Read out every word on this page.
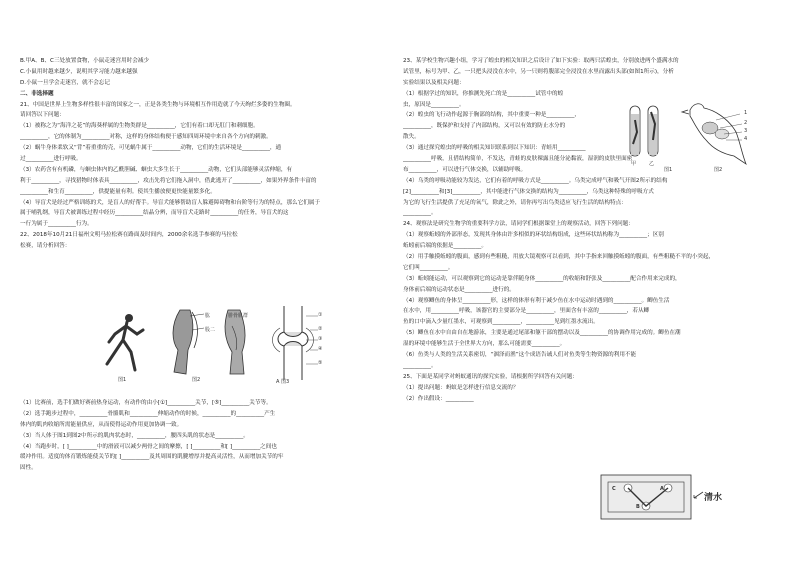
B.甲A、B、C三处放置食物，小鼠走迷宫用时会减少
C.小鼠用时越来越少，说明其学习能力越来越强
D.小鼠一旦学会走迷宫，就不会忘记
二、非选择题
21、中国是世界上生物多样性很丰富的国家之一，正是各类生物与环境相互作用造就了今天绚烂多姿的生物圈。
请回答以下问题：
（1）被称之为“海洋之花”的海葵样属的生物类群是__________，它们有着口却无肛门和刺细胞。
__________，它的体制为__________对称，这样的身体结构便于感知四周环境中来自各个方向的刺激。
（2）蜗牛身体柔软又“背”着重重的壳，可见蜗牛属于__________动物，它们的生活环境是__________，通
过__________进行呼吸。
（3）农药含有有机磷，与蛔虫体内的乙酰胆碱、蛔虫大多生长于__________动物，它们头部能够灵活伸缩，有
利于__________，寻找猎物时体表具__________，攻击先将它们拖入洞中，借此逃开了__________，如果外界条件丰富的
__________和生育__________，供提能量有利。使其生播放便更快能量繁多化。
（4）导盲犬是经过严格训练的犬，是盲人的好帮手。导盲犬能够帮助盲人躲避障碍物和台阶等行为的特点，那么它们属于
属于哺乳纲，导盲犬被训练过程中经历__________结晶分辨，而导盲犬走路时__________的任务，导盲犬的这
一行为属于__________行为。
22、2018年10月21日福州文明马拉松赛在路面及时间内，2000余名选手参赛的马拉松
松赛，请分析回答：
图1
肱
股二
图2
腓骨肌群	①
②
③
④
⑤
A 图3
（1）比赛前，选手们做好赛前热身运动，有动作的由小[①]__________关节，[⑤]__________关节等。
（2）选手跑步过程中，__________骨骼肌和__________伸缩动作的时候，__________的__________产生
体内的肌肉收缩所需能量供应，从而使得运动作用更加协调一致。
（3）当人体于图1到图2中所示的肌肉状态时，__________，腰四头肌的状态是__________。
（4）当跑步时，[ ]__________中的滑液可以减少两骨之间的摩擦，[ ]__________和[ ]__________之间也
缓冲作用。适度的体育锻炼能使关节的[ ]__________及其周围的肌腱增厚并提高灵活性，从而增加关节的牢
固性。
23、某学校生物兴趣小组，学习了蝗虫的相关知识之后设计了如下实验：取两只活蝗虫，分别放进两个盛满水的
试管里，标号为甲、乙，一只把头浸没在水中，另一只则将腹部完全浸没在水里而露出头部(如图1所示)，分析
实验结果以及相关问题：
（1）根据学过的知识，你推测先死亡的是__________试管中的蝗
虫，原因是__________。
（2）蝗虫的飞行动作起源于胸部的结构，其中重要一种是__________，
__________，既保护和支持了内部结构，又可以有效的防止水分的
散失。
（3）通过探究蝗虫的呼吸的相关知识联系到以下知识：青蛙用__________
__________呼吸，且借结构简单，不发达，青蛙的皮肤裸露且能分泌黏液，湿润的皮肤里面密
布__________，可以进行气体交换，以辅助呼吸。
（4）乌类的呼吸功能较为发达，它们有着的呼吸方式是__________。乌类完成呼气和吸气开图2所示的结构
[2]__________和[3]__________，其中能进行气体交换的结构为__________，乌类这种特殊的呼吸方式
为它的飞行生活提供了充足的氧气，除此之外，请你再写出鸟类适应飞行生活的结构特点：
__________。
24、观察法是研究生物学的重要科学方法，请同学们根据课堂上的观察活动，回答下列问题：
（1）观察蚯蚓的外部形态，发现其身体由许多相似的环状结构组成，这些环状结构称为__________；区别
蚯蚓前后端的依据是__________。
（2）用手触摸蚯蚓的腹面，感到有些粗糙，用放大镜观察可以看到，其中手指来回触摸蚯蚓的腹面，有些粗糙不平的小突起，
它们叫__________。
（3）蚯蚓能运动，可以观察到它的运动是靠伴随身体__________的收缩和舒张及__________配合作用来完成的，
身体前后端的运动状态是__________进行的。
（4）观察鲫鱼的身体呈__________形，这样的体形有利于减少鱼在水中运动时遇到的__________。鲫鱼生活
在水中，用__________呼吸，该器官的主要部分是__________，里面含有丰富的__________，若从鲫
鱼的口中滴入少量红墨水，可观察到__________，__________见到红墨水流出。
（5）鲫鱼在水中自由自在地游泳，主要是通过尾部和躯干部的摆动以及__________的协调作用完成的。鲫鱼在潮
湿的环境中能够生活于全世界大方向，那么可能需要__________。
（6）鱼类与人类的生活关系密切，“涸泽而渔”这个成语告诫人们对鱼类等生物资源的利用不能
__________。
25、下面是某同学对蚂蚁通讯的探究实验，请根据所学回答有关问题：
（1）提出问题：蚂蚁是怎样进行信息交流的？
（2）作出假设：__________
甲	乙
图1
1
2
3
4
图2
C
B
A
清水
